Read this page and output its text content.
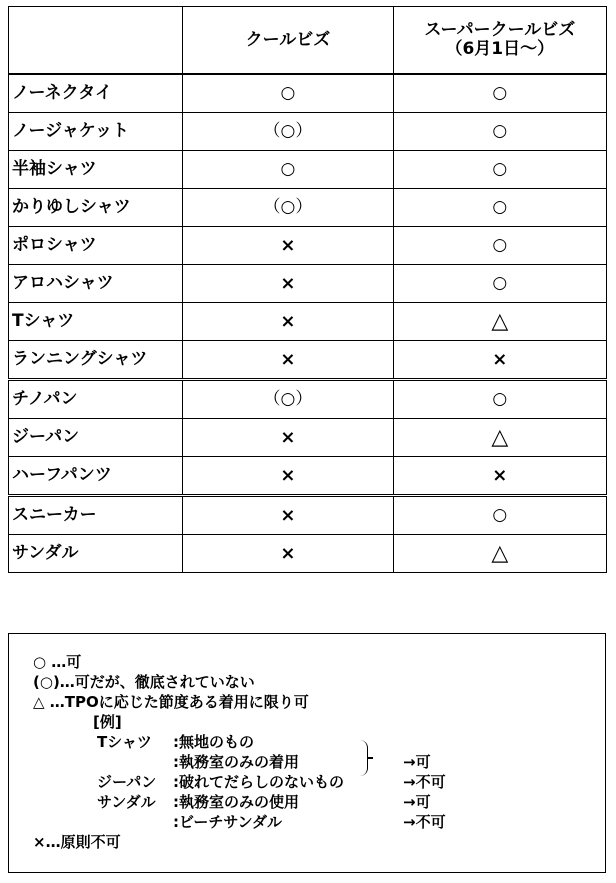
	クールビズ	スーパークールビズ
（6月1日～）

ノーネクタイ	○	○
ノージャケット	（○）	○
半袖シャツ	○	○
かりゆしシャツ	（○）	○
ポロシャツ	×	○
アロハシャツ	×	○
Tシャツ	×	△
ランニングシャツ	×	×
チノパン	（○）	○
ジーパン	×	△
ハーフパンツ	×	×
スニーカー	×	○
サンダル	×	△
○ …可
(○)…可だが、徹底されていない
△ …TPOに応じた節度ある着用に限り可
[例]
Tシャツ :無地のもの
:執務室のみの着用	→可
ジーパン :破れてだらしのないもの	→不可
サンダル :執務室のみの使用	→可
:ビーチサンダル	→不可
×…原則不可
